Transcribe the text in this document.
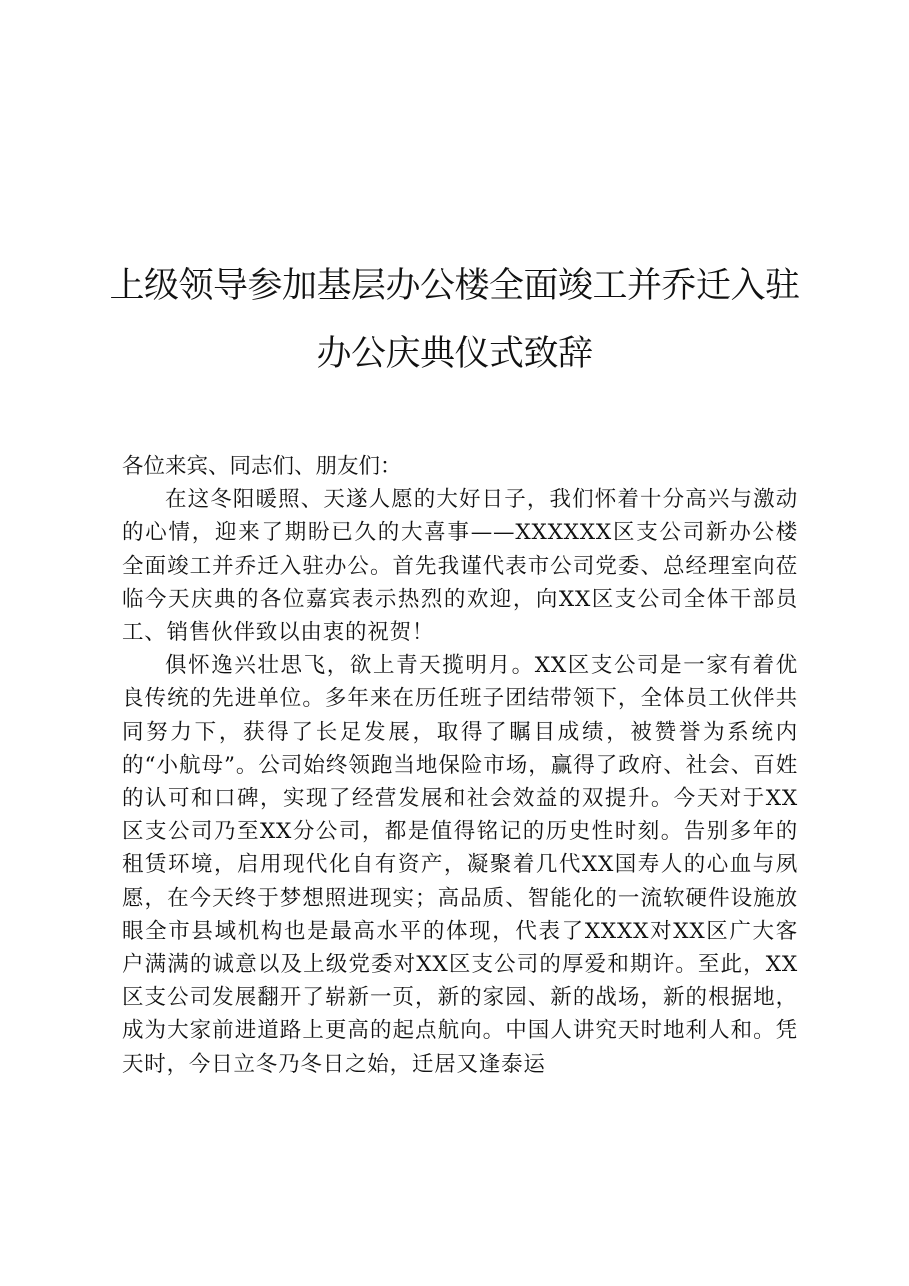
上级领导参加基层办公楼全面竣工并乔迁入驻
办公庆典仪式致辞

各位来宾、同志们、朋友们：

在这冬阳暖照、天遂人愿的大好日子，我们怀着十分高兴与激动的心情，迎来了期盼已久的大喜事——XXXXXX区支公司新办公楼全面竣工并乔迁入驻办公。首先我谨代表市公司党委、总经理室向莅临今天庆典的各位嘉宾表示热烈的欢迎，向XX区支公司全体干部员工、销售伙伴致以由衷的祝贺！

俱怀逸兴壮思飞，欲上青天揽明月。XX区支公司是一家有着优良传统的先进单位。多年来在历任班子团结带领下，全体员工伙伴共同努力下，获得了长足发展，取得了瞩目成绩，被赞誉为系统内的“小航母”。公司始终领跑当地保险市场，赢得了政府、社会、百姓的认可和口碑，实现了经营发展和社会效益的双提升。今天对于XX区支公司乃至XX分公司，都是值得铭记的历史性时刻。告别多年的租赁环境，启用现代化自有资产，凝聚着几代XX国寿人的心血与夙愿，在今天终于梦想照进现实；高品质、智能化的一流软硬件设施放眼全市县域机构也是最高水平的体现，代表了XXXX对XX区广大客户满满的诚意以及上级党委对XX区支公司的厚爱和期许。至此，XX区支公司发展翻开了崭新一页，新的家园、新的战场，新的根据地，成为大家前进道路上更高的起点航向。中国人讲究天时地利人和。凭天时，今日立冬乃冬日之始，迁居又逢泰运
